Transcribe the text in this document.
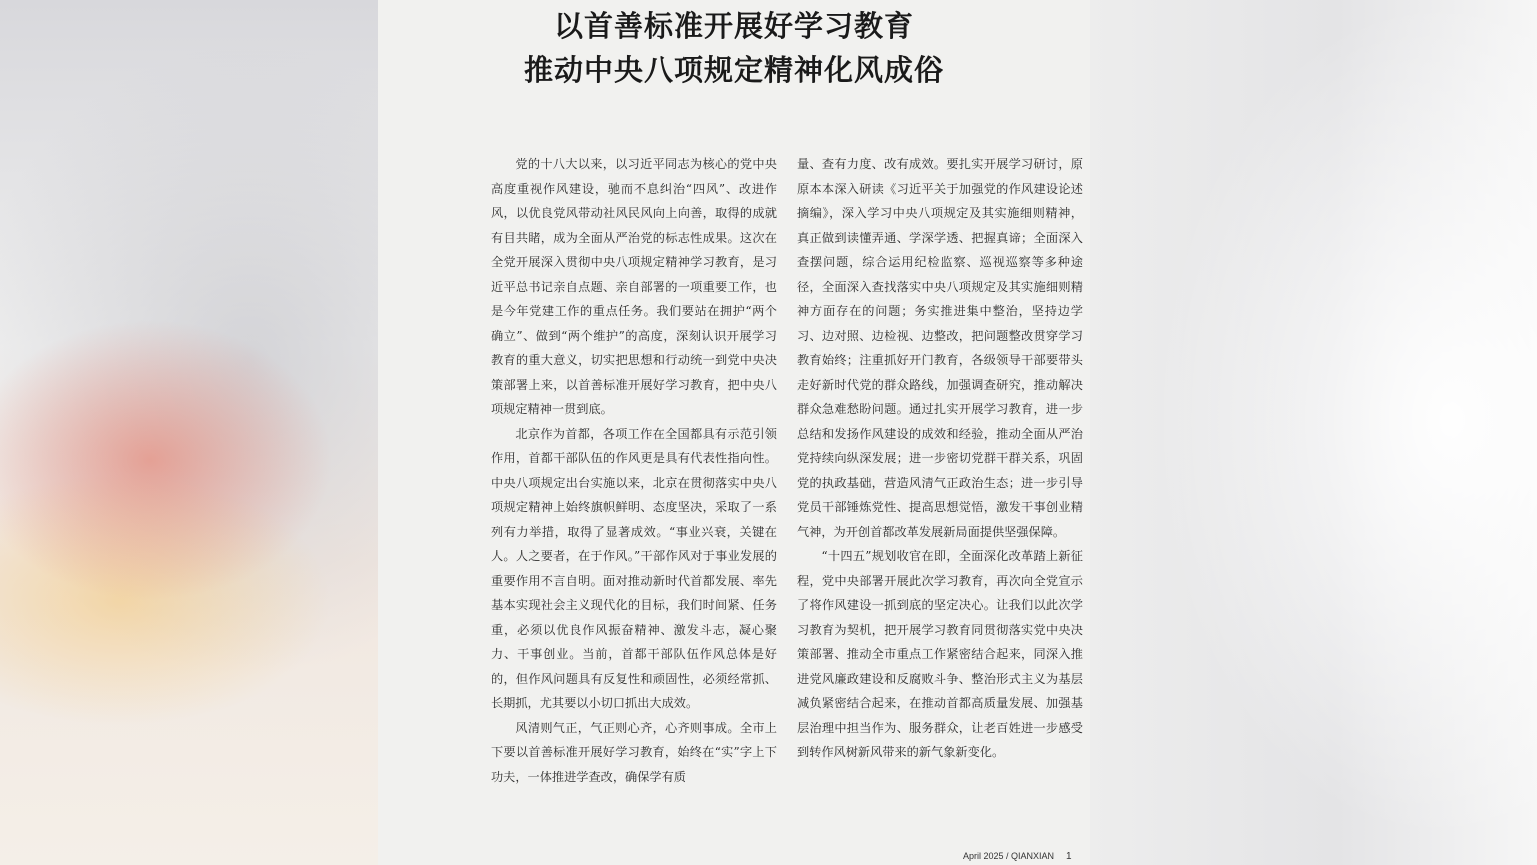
以首善标准开展好学习教育
推动中央八项规定精神化风成俗

党的十八大以来，以习近平同志为核心的党中央高度重视作风建设，驰而不息纠治“四风”、改进作风，以优良党风带动社风民风向上向善，取得的成就有目共睹，成为全面从严治党的标志性成果。这次在全党开展深入贯彻中央八项规定精神学习教育，是习近平总书记亲自点题、亲自部署的一项重要工作，也是今年党建工作的重点任务。我们要站在拥护“两个确立”、做到“两个维护”的高度，深刻认识开展学习教育的重大意义，切实把思想和行动统一到党中央决策部署上来，以首善标准开展好学习教育，把中央八项规定精神一贯到底。

北京作为首都，各项工作在全国都具有示范引领作用，首都干部队伍的作风更是具有代表性指向性。中央八项规定出台实施以来，北京在贯彻落实中央八项规定精神上始终旗帜鲜明、态度坚决，采取了一系列有力举措，取得了显著成效。“事业兴衰，关键在人。人之要者，在于作风。”干部作风对于事业发展的重要作用不言自明。面对推动新时代首都发展、率先基本实现社会主义现代化的目标，我们时间紧、任务重，必须以优良作风振奋精神、激发斗志，凝心聚力、干事创业。当前，首都干部队伍作风总体是好的，但作风问题具有反复性和顽固性，必须经常抓、长期抓，尤其要以小切口抓出大成效。

风清则气正，气正则心齐，心齐则事成。全市上下要以首善标准开展好学习教育，始终在“实”字上下功夫，一体推进学查改，确保学有质

量、查有力度、改有成效。要扎实开展学习研讨，原原本本深入研读《习近平关于加强党的作风建设论述摘编》，深入学习中央八项规定及其实施细则精神，真正做到读懂弄通、学深学透、把握真谛；全面深入查摆问题，综合运用纪检监察、巡视巡察等多种途径，全面深入查找落实中央八项规定及其实施细则精神方面存在的问题；务实推进集中整治，坚持边学习、边对照、边检视、边整改，把问题整改贯穿学习教育始终；注重抓好开门教育，各级领导干部要带头走好新时代党的群众路线，加强调查研究，推动解决群众急难愁盼问题。通过扎实开展学习教育，进一步总结和发扬作风建设的成效和经验，推动全面从严治党持续向纵深发展；进一步密切党群干群关系，巩固党的执政基础，营造风清气正政治生态；进一步引导党员干部锤炼党性、提高思想觉悟，激发干事创业精气神，为开创首都改革发展新局面提供坚强保障。

“十四五”规划收官在即，全面深化改革踏上新征程，党中央部署开展此次学习教育，再次向全党宣示了将作风建设一抓到底的坚定决心。让我们以此次学习教育为契机，把开展学习教育同贯彻落实党中央决策部署、推动全市重点工作紧密结合起来，同深入推进党风廉政建设和反腐败斗争、整治形式主义为基层减负紧密结合起来，在推动首都高质量发展、加强基层治理中担当作为、服务群众，让老百姓进一步感受到转作风树新风带来的新气象新变化。

April 2025 / QIANXIAN 1
